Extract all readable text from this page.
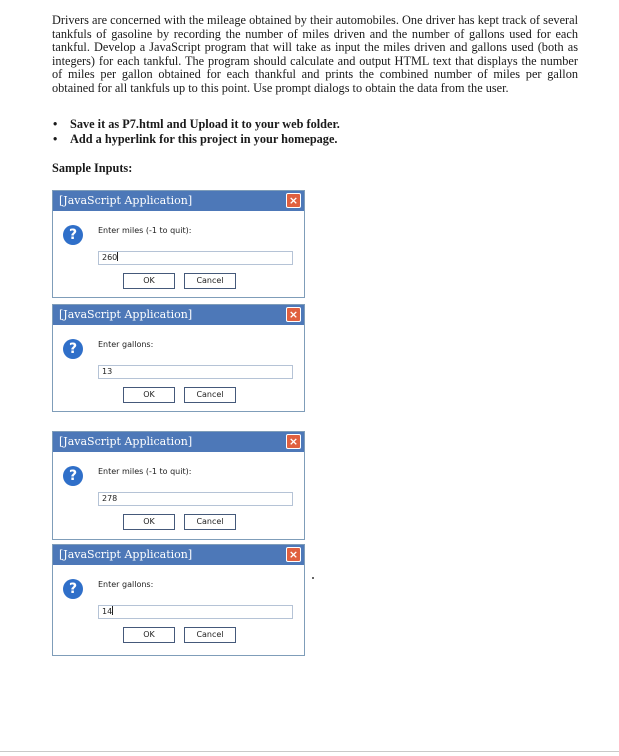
Drivers are concerned with the mileage obtained by their automobiles. One driver has kept track of several tankfuls of gasoline by recording the number of miles driven and the number of gallons used for each tankful. Develop a JavaScript program that will take as input the miles driven and gallons used (both as integers) for each tankful. The program should calculate and output HTML text that displays the number of miles per gallon obtained for each thankful and prints the combined number of miles per gallon obtained for all tankfuls up to this point. Use prompt dialogs to obtain the data from the user.

• Save it as P7.html and Upload it to your web folder.
• Add a hyperlink for this project in your homepage.
Sample Inputs:
[JavaScript Application]	×
?	Enter miles (-1 to quit):
260
OK	Cancel
[JavaScript Application]	×
?	Enter gallons:
13
OK	Cancel
[JavaScript Application]	×
?	Enter miles (-1 to quit):
278
OK	Cancel
[JavaScript Application]	×
?	Enter gallons:
14
OK	Cancel
